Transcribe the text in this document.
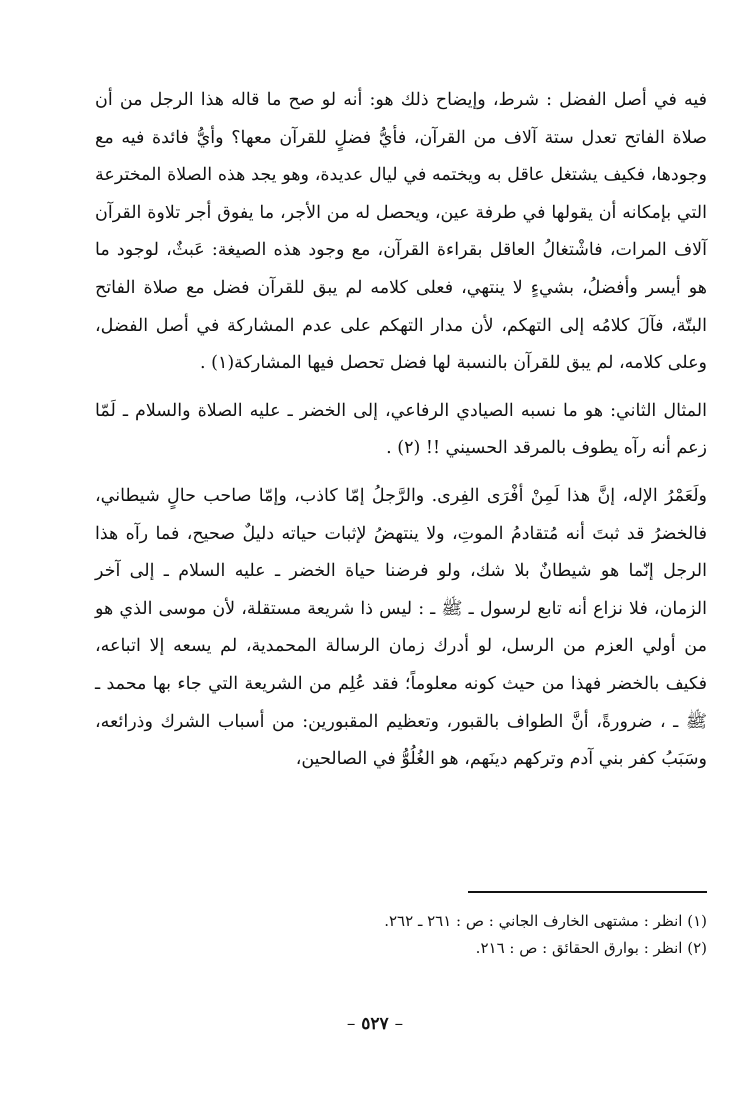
فيه في أصل الفضل : شرط، وإيضاح ذلك هو: أنه لو صح ما قاله هذا الرجل من أن صلاة الفاتح تعدل ستة آلاف من القرآن، فأيُّ فضلٍ للقرآن معها؟ وأيُّ فائدة فيه مع وجودها، فكيف يشتغل عاقل به ويختمه في ليال عديدة، وهو يجد هذه الصلاة المخترعة التي بإمكانه أن يقولها في طرفة عين، ويحصل له من الأجر، ما يفوق أجر تلاوة القرآن آلاف المرات، فاشْتغالُ العاقل بقراءة القرآن، مع وجود هذه الصيغة: عَبثٌ، لوجود ما هو أيسر وأفضلُ، بشيءٍ لا ينتهي، فعلى كلامه لم يبق للقرآن فضل مع صلاة الفاتح البتّة، فآلَ كلامُه إلى التهكم، لأن مدار التهكم على عدم المشاركة في أصل الفضل، وعلى كلامه، لم يبق للقرآن بالنسبة لها فضل تحصل فيها المشاركة(١) .

المثال الثاني: هو ما نسبه الصيادي الرفاعي، إلى الخضر ـ عليه الصلاة والسلام ـ لَمّا زعم أنه رآه يطوف بالمرقد الحسيني !! (٢) .

ولَعَمْرُ الإله، إنَّ هذا لَمِنْ أفْرَى الفِرى. والرَّجلُ إمّا كاذب، وإمّا صاحب حالٍ شيطاني، فالخضرُ قد ثبتَ أنه مُتقادمُ الموتِ، ولا ينتهضُ لإثبات حياته دليلٌ صحيح، فما رآه هذا الرجل إنّما هو شيطانٌ بلا شك، ولو فرضنا حياة الخضر ـ عليه السلام ـ إلى آخر الزمان، فلا نزاع أنه تابع لرسول ـ ﷺ ـ : ليس ذا شريعة مستقلة، لأن موسى الذي هو من أولي العزم من الرسل، لو أدرك زمان الرسالة المحمدية، لم يسعه إلا اتباعه، فكيف بالخضر فهذا من حيث كونه معلوماً؛ فقد عُلِم من الشريعة التي جاء بها محمد ـ ﷺ ـ ، ضرورةً، أنَّ الطواف بالقبور، وتعظيم المقبورين: من أسباب الشرك وذرائعه، وسَبَبُ كفر بني آدم وتركهم دينَهم، هو الغُلُوُّ في الصالحين،

(١) انظر : مشتهى الخارف الجاني : ص : ٢٦١ ـ ٢٦٢.

(٢) انظر : بوارق الحقائق : ص : ٢١٦.

– ٥٢٧ –
